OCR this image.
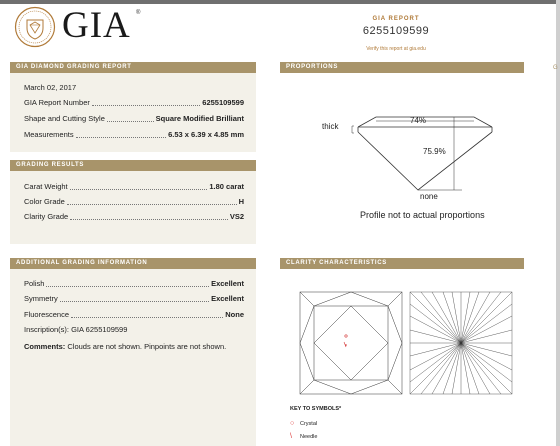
GIA ®
GIA REPORT
6255109599
Verify this report at gia.edu
GIA DIAMOND GRADING REPORT
March 02, 2017
GIA Report Number	6255109599
Shape and Cutting Style	Square Modified Brilliant
Measurements	6.53 x 6.39 x 4.85 mm
GRADING RESULTS
Carat Weight	1.80 carat
Color Grade	H
Clarity Grade	VS2
ADDITIONAL GRADING INFORMATION
Polish	Excellent
Symmetry	Excellent
Fluorescence	None
Inscription(s): GIA 6255109599
Comments: Clouds are not shown. Pinpoints are not shown.
PROPORTIONS	G
thick
74%
75.9%
none
Profile not to actual proportions
CLARITY CHARACTERISTICS
KEY TO SYMBOLS*
○	Crystal
\	Needle
